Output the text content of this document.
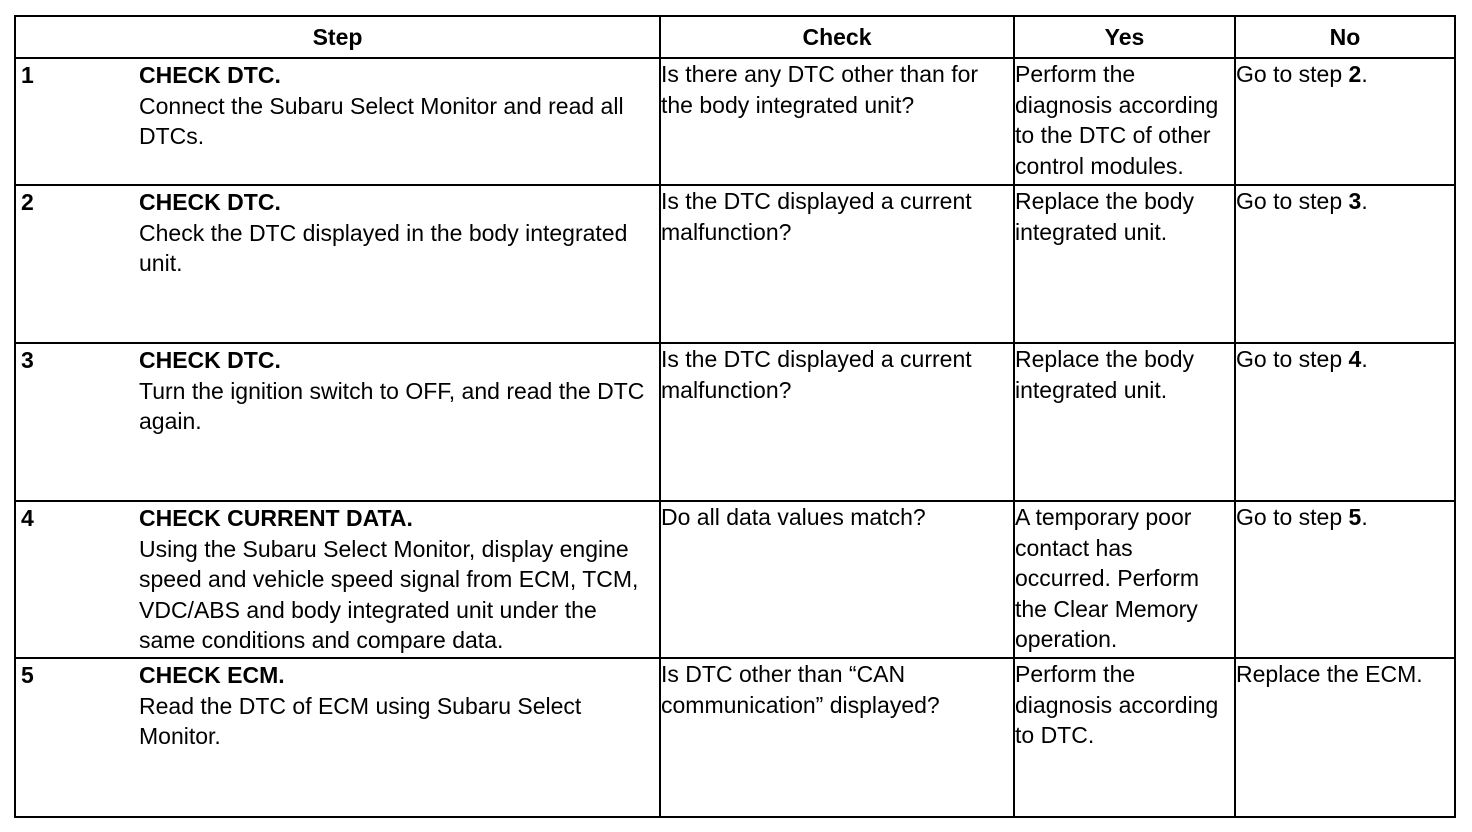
Step	Check	Yes	No

1 CHECK DTC.
Connect the Subaru Select Monitor and read all DTCs.	Is there any DTC other than for the body integrated unit?	Perform the diagnosis according to the DTC of other control modules.	Go to step 2.

2 CHECK DTC.
Check the DTC displayed in the body integrated unit.	Is the DTC displayed a current malfunction?	Replace the body integrated unit.	Go to step 3.

3 CHECK DTC.
Turn the ignition switch to OFF, and read the DTC again.	Is the DTC displayed a current malfunction?	Replace the body integrated unit.	Go to step 4.

4 CHECK CURRENT DATA.
Using the Subaru Select Monitor, display engine speed and vehicle speed signal from ECM, TCM, VDC/ABS and body integrated unit under the same conditions and compare data.	Do all data values match?	A temporary poor contact has occurred. Perform the Clear Memory operation.	Go to step 5.

5 CHECK ECM.
Read the DTC of ECM using Subaru Select Monitor.	Is DTC other than “CAN communication” displayed?	Perform the diagnosis according to DTC.	Replace the ECM.
